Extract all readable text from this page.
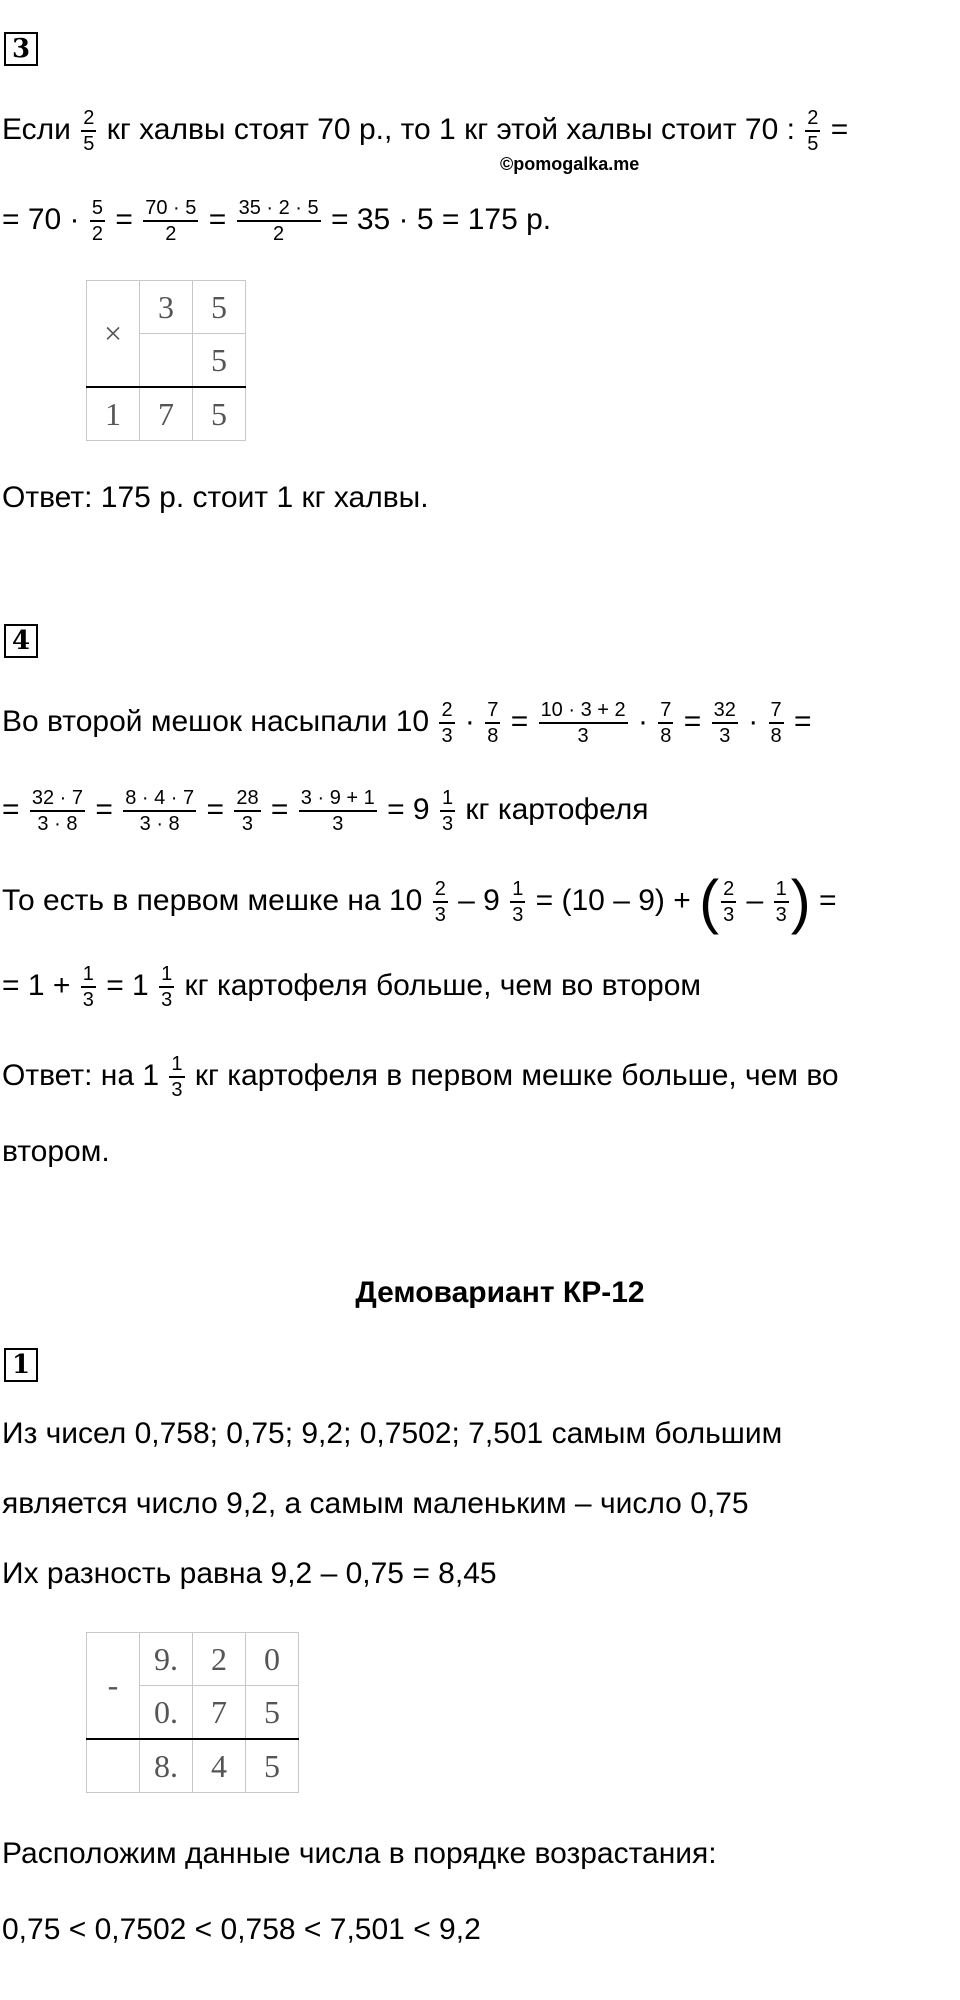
3
Если $\frac{2}{5}$ кг халвы стоят 70 р., то 1 кг этой халвы стоит 70 : $\frac{2}{5}$ =
©pomogalka.me
= $70 \cdot \frac{5}{2} = \frac{70 \cdot 5}{2} = \frac{35 \cdot 2 \cdot 5}{2} = 35 \cdot 5 = 175$ р.
×	3	5
		5
1	7	5
Ответ: 175 р. стоит 1 кг халвы.
4
Во второй мешок насыпали $10 \frac{2}{3} \cdot \frac{7}{8} = \frac{10 \cdot 3 + 2}{3} \cdot \frac{7}{8} = \frac{32}{3} \cdot \frac{7}{8}$ =
= $\frac{32 \cdot 7}{3 \cdot 8} = \frac{8 \cdot 4 \cdot 7}{3 \cdot 8} = \frac{28}{3} = \frac{3 \cdot 9 + 1}{3} = 9 \frac{1}{3}$ кг картофеля
То есть в первом мешке на $10 \frac{2}{3} - 9 \frac{1}{3} = (10 - 9)$ + ( $\frac{2}{3} - \frac{1}{3}$ ) =
= $1 + \frac{1}{3} = 1 \frac{1}{3}$ кг картофеля больше, чем во втором
Ответ: на $1 \frac{1}{3}$ кг картофеля в первом мешке больше, чем во
втором.
Демовариант КР-12
1
Из чисел 0,758; 0,75; 9,2; 0,7502; 7,501 самым большим
является число 9,2, а самым маленьким – число 0,75
Их разность равна 9,2 – 0,75 = 8,45
-	9.	2	0
	0.	7	5
	8.	4	5
Расположим данные числа в порядке возрастания:
0,75 < 0,7502 < 0,758 < 7,501 < 9,2
